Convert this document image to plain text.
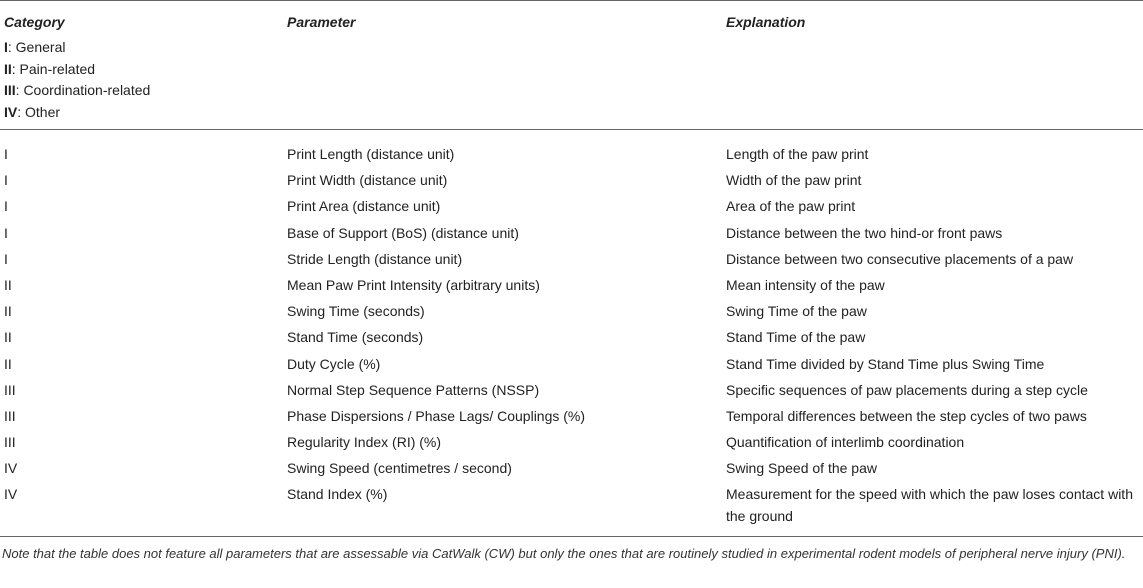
Category	Parameter	Explanation
I: General
II: Pain-related
III: Coordination-related
IV: Other
I	Print Length (distance unit)	Length of the paw print
I	Print Width (distance unit)	Width of the paw print
I	Print Area (distance unit)	Area of the paw print
I	Base of Support (BoS) (distance unit)	Distance between the two hind-or front paws
I	Stride Length (distance unit)	Distance between two consecutive placements of a paw
II	Mean Paw Print Intensity (arbitrary units)	Mean intensity of the paw
II	Swing Time (seconds)	Swing Time of the paw
II	Stand Time (seconds)	Stand Time of the paw
II	Duty Cycle (%)	Stand Time divided by Stand Time plus Swing Time
III	Normal Step Sequence Patterns (NSSP)	Specific sequences of paw placements during a step cycle
III	Phase Dispersions / Phase Lags/ Couplings (%)	Temporal differences between the step cycles of two paws
III	Regularity Index (RI) (%)	Quantification of interlimb coordination
IV	Swing Speed (centimetres / second)	Swing Speed of the paw
IV	Stand Index (%)	Measurement for the speed with which the paw loses contact with the ground
Note that the table does not feature all parameters that are assessable via CatWalk (CW) but only the ones that are routinely studied in experimental rodent models of peripheral nerve injury (PNI).
